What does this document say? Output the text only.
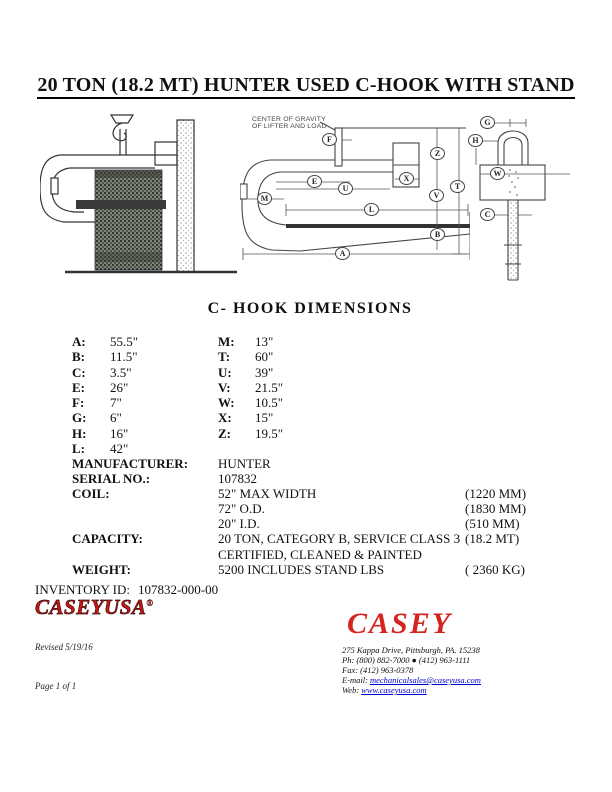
20 TON (18.2 MT) HUNTER USED C-HOOK WITH STAND
CENTER OF GRAVITY
OF LIFTER AND LOAD
F
E
U
M
L
A
B
V
Z
T
X
G
H
W
C
C- HOOK DIMENSIONS
A: 55.5"
B: 11.5"
C: 3.5"
E: 26"
F: 7"
G: 6"
H: 16"
L: 42"
M: 13"
T: 60"
U: 39"
V: 21.5"
W: 10.5"
X: 15"
Z: 19.5"
MANUFACTURER: HUNTER
SERIAL NO.:	107832
COIL:	52" MAX WIDTH	(1220 MM)
72" O.D.	(1830 MM)
20" I.D.	(510 MM)
CAPACITY:	20 TON, CATEGORY B, SERVICE CLASS 3 (18.2 MT)
CERTIFIED, CLEANED & PAINTED
WEIGHT:	5200 INCLUDES STAND LBS	( 2360 KG)
INVENTORY ID: 107832-000-00
CASEYUSA®
Revised 5/19/16
Page 1 of 1
CASEY
275 Kappa Drive, Pittsburgh, PA. 15238
Ph: (800) 882-7000 ● (412) 963-1111
Fax: (412) 963-0378
E-mail: mechanicalsales@caseyusa.com
Web: www.caseyusa.com
